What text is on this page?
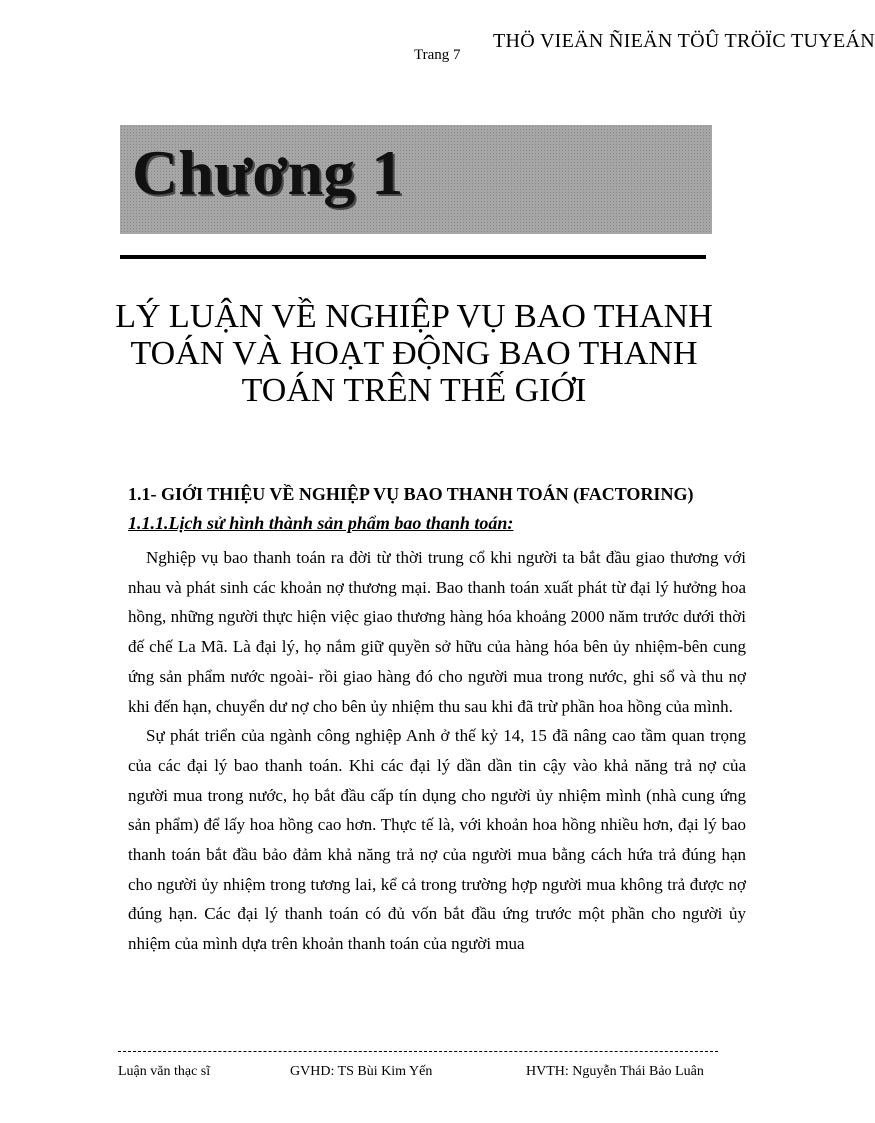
Trang 7
THÖ VIEÄN ÑIEÄN TÖÛ TRÖÏC TUYEÁN
Chương 1
LÝ LUẬN VỀ NGHIỆP VỤ BAO THANH
TOÁN VÀ HOẠT ĐỘNG BAO THANH
TOÁN TRÊN THẾ GIỚI
1.1- GIỚI THIỆU VỀ NGHIỆP VỤ BAO THANH TOÁN (FACTORING)
1.1.1.Lịch sử hình thành sản phẩm bao thanh toán:

Nghiệp vụ bao thanh toán ra đời từ thời trung cổ khi người ta bắt đầu giao thương với nhau và phát sinh các khoản nợ thương mại. Bao thanh toán xuất phát từ đại lý hưởng hoa hồng, những người thực hiện việc giao thương hàng hóa khoảng 2000 năm trước dưới thời đế chế La Mã. Là đại lý, họ nắm giữ quyền sở hữu của hàng hóa bên ủy nhiệm-bên cung ứng sản phẩm nước ngoài- rồi giao hàng đó cho người mua trong nước, ghi sổ và thu nợ khi đến hạn, chuyển dư nợ cho bên ủy nhiệm thu sau khi đã trừ phần hoa hồng của mình.

Sự phát triển của ngành công nghiệp Anh ở thế kỷ 14, 15 đã nâng cao tầm quan trọng của các đại lý bao thanh toán. Khi các đại lý dần dần tin cậy vào khả năng trả nợ của người mua trong nước, họ bắt đầu cấp tín dụng cho người ủy nhiệm mình (nhà cung ứng sản phẩm) để lấy hoa hồng cao hơn. Thực tế là, với khoản hoa hồng nhiều hơn, đại lý bao thanh toán bắt đầu bảo đảm khả năng trả nợ của người mua bằng cách hứa trả đúng hạn cho người ủy nhiệm trong tương lai, kể cả trong trường hợp người mua không trả được nợ đúng hạn. Các đại lý thanh toán có đủ vốn bắt đầu ứng trước một phần cho người ủy nhiệm của mình dựa trên khoản thanh toán của người mua

Luận văn thạc sĩ	GVHD: TS Bùi Kim Yến	HVTH: Nguyễn Thái Bảo Luân
